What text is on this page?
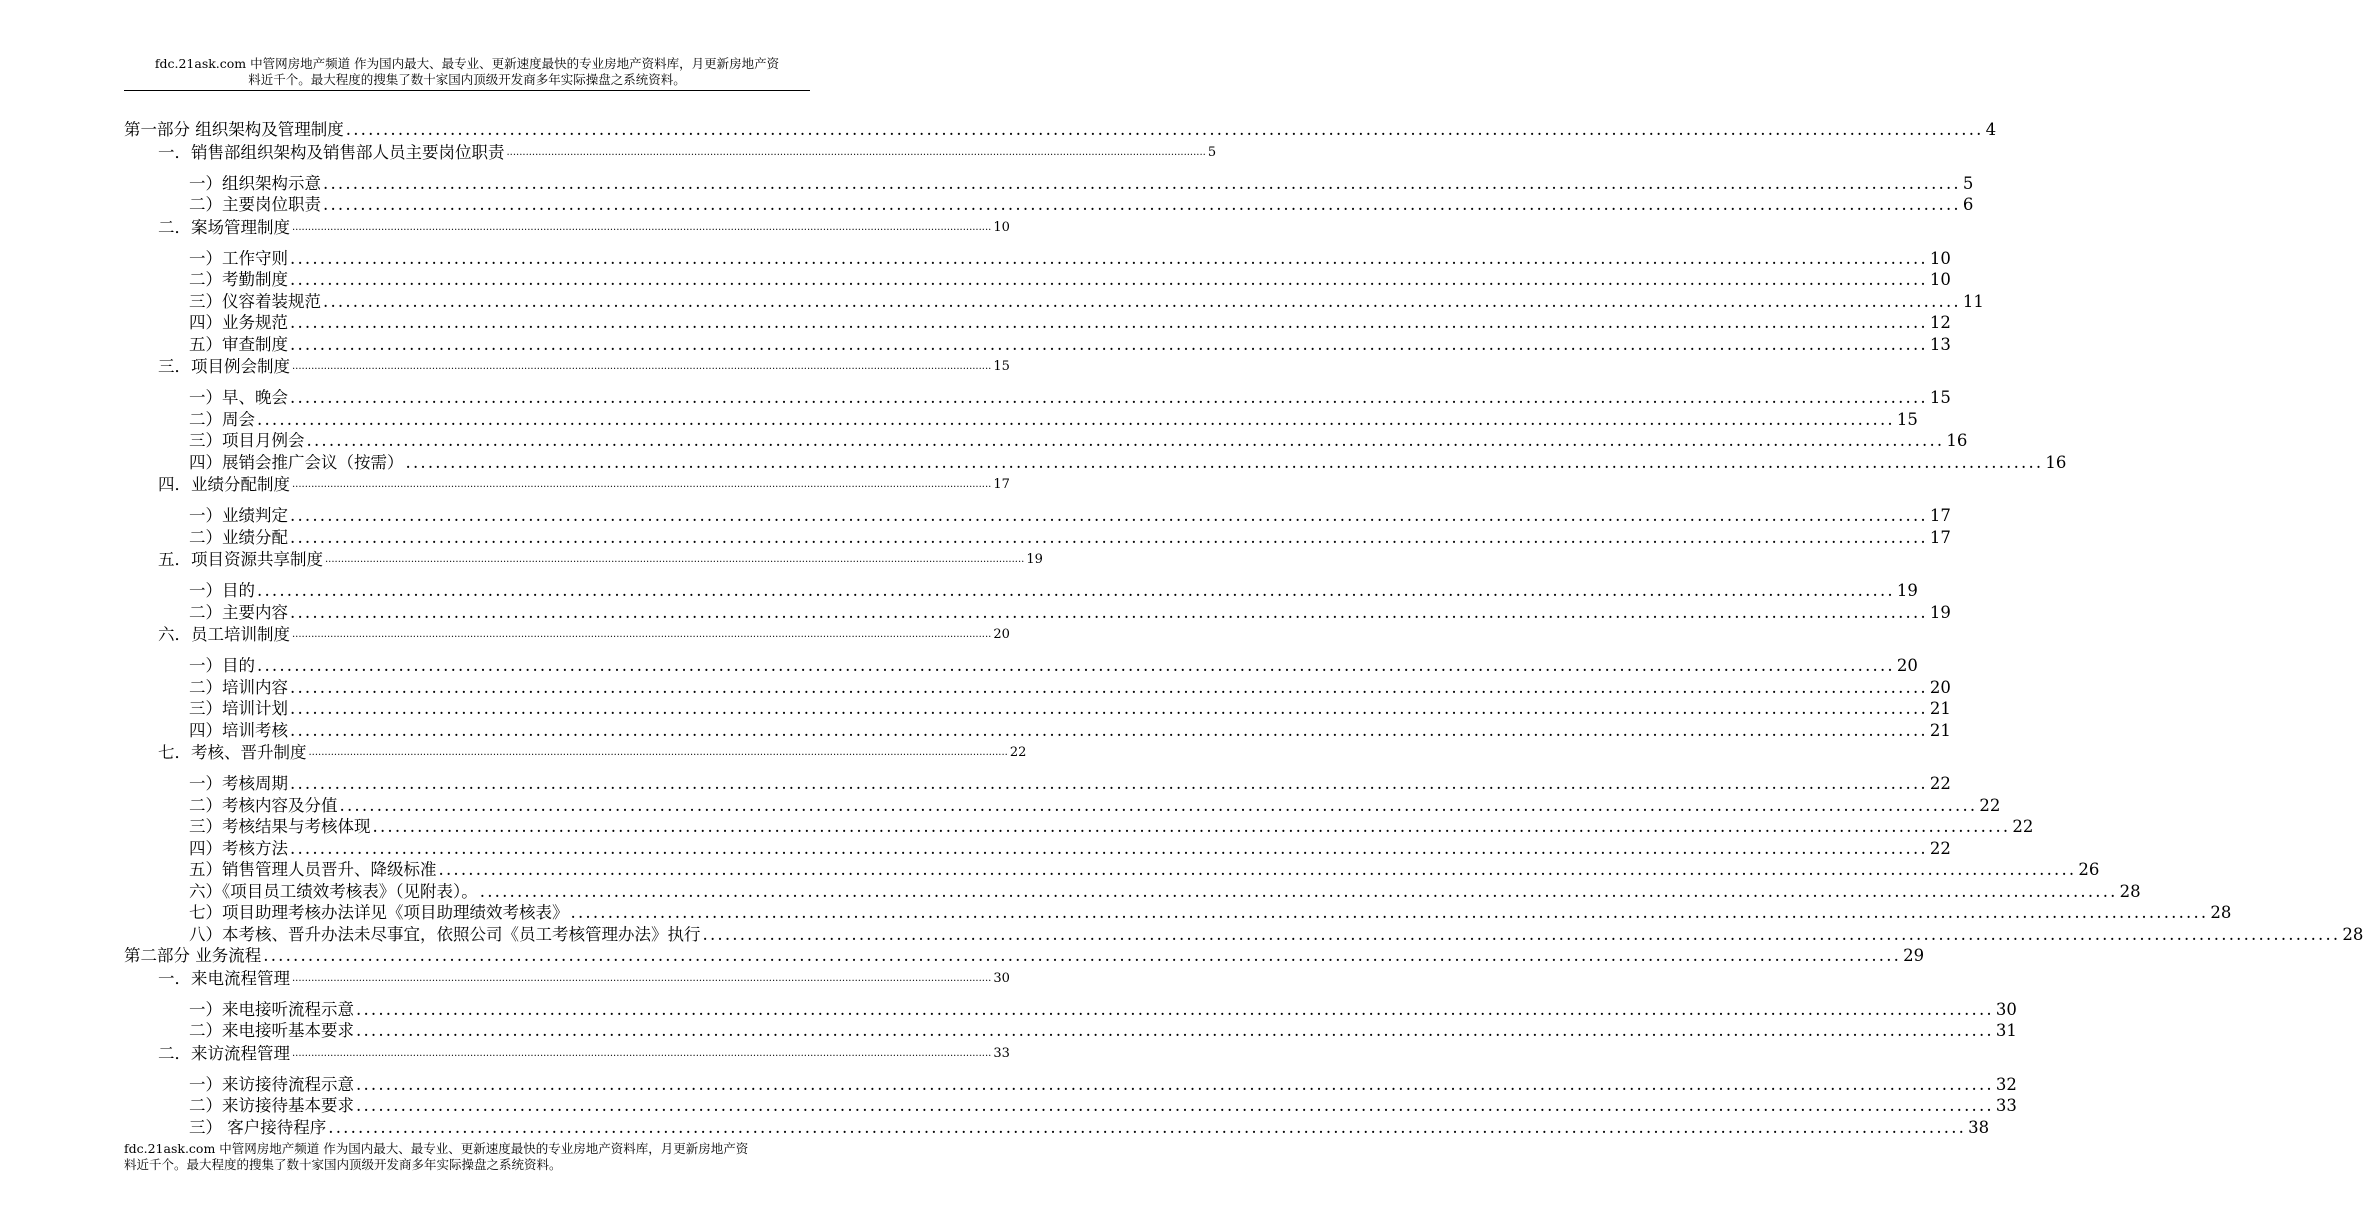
fdc.21ask.com 中管网房地产频道 作为国内最大、最专业、更新速度最快的专业房地产资料库，月更新房地产资
料近千个。最大程度的搜集了数十家国内顶级开发商多年实际操盘之系统资料。
第一部分 组织架构及管理制度 ............................................................................................................................................................................................................................ 4
一．销售部组织架构及销售部人员主要岗位职责 ............................................................................................................................................................................................................................ 5
一）组织架构示意 ............................................................................................................................................................................................................................ 5
二）主要岗位职责 ............................................................................................................................................................................................................................ 6
二．案场管理制度 ............................................................................................................................................................................................................................ 10
一）工作守则 ............................................................................................................................................................................................................................ 10
二）考勤制度 ............................................................................................................................................................................................................................ 10
三）仪容着装规范 ............................................................................................................................................................................................................................ 11
四）业务规范 ............................................................................................................................................................................................................................ 12
五）审查制度 ............................................................................................................................................................................................................................ 13
三．项目例会制度 ............................................................................................................................................................................................................................ 15
一）早、晚会 ............................................................................................................................................................................................................................ 15
二）周会 ............................................................................................................................................................................................................................ 15
三）项目月例会 ............................................................................................................................................................................................................................ 16
四）展销会推广会议（按需） ............................................................................................................................................................................................................................ 16
四．业绩分配制度 ............................................................................................................................................................................................................................ 17
一）业绩判定 ............................................................................................................................................................................................................................ 17
二）业绩分配 ............................................................................................................................................................................................................................ 17
五．项目资源共享制度 ............................................................................................................................................................................................................................ 19
一）目的 ............................................................................................................................................................................................................................ 19
二）主要内容 ............................................................................................................................................................................................................................ 19
六．员工培训制度 ............................................................................................................................................................................................................................ 20
一）目的 ............................................................................................................................................................................................................................ 20
二）培训内容 ............................................................................................................................................................................................................................ 20
三）培训计划 ............................................................................................................................................................................................................................ 21
四）培训考核 ............................................................................................................................................................................................................................ 21
七．考核、晋升制度 ............................................................................................................................................................................................................................ 22
一）考核周期 ............................................................................................................................................................................................................................ 22
二）考核内容及分值 ............................................................................................................................................................................................................................ 22
三）考核结果与考核体现 ............................................................................................................................................................................................................................ 22
四）考核方法 ............................................................................................................................................................................................................................ 22
五）销售管理人员晋升、降级标准 ............................................................................................................................................................................................................................ 26
六）《项目员工绩效考核表》（见附表）。 ............................................................................................................................................................................................................................ 28
七）项目助理考核办法详见《项目助理绩效考核表》 ............................................................................................................................................................................................................................ 28
八）本考核、晋升办法未尽事宜，依照公司《员工考核管理办法》执行 ............................................................................................................................................................................................................................ 28
第二部分 业务流程 ............................................................................................................................................................................................................................ 29
一．来电流程管理 ............................................................................................................................................................................................................................ 30
一）来电接听流程示意 ............................................................................................................................................................................................................................ 30
二）来电接听基本要求 ............................................................................................................................................................................................................................ 31
二．来访流程管理 ............................................................................................................................................................................................................................ 33
一）来访接待流程示意 ............................................................................................................................................................................................................................ 32
二）来访接待基本要求 ............................................................................................................................................................................................................................ 33
三） 客户接待程序 ............................................................................................................................................................................................................................ 38
fdc.21ask.com 中管网房地产频道 作为国内最大、最专业、更新速度最快的专业房地产资料库，月更新房地产资
料近千个。最大程度的搜集了数十家国内顶级开发商多年实际操盘之系统资料。
